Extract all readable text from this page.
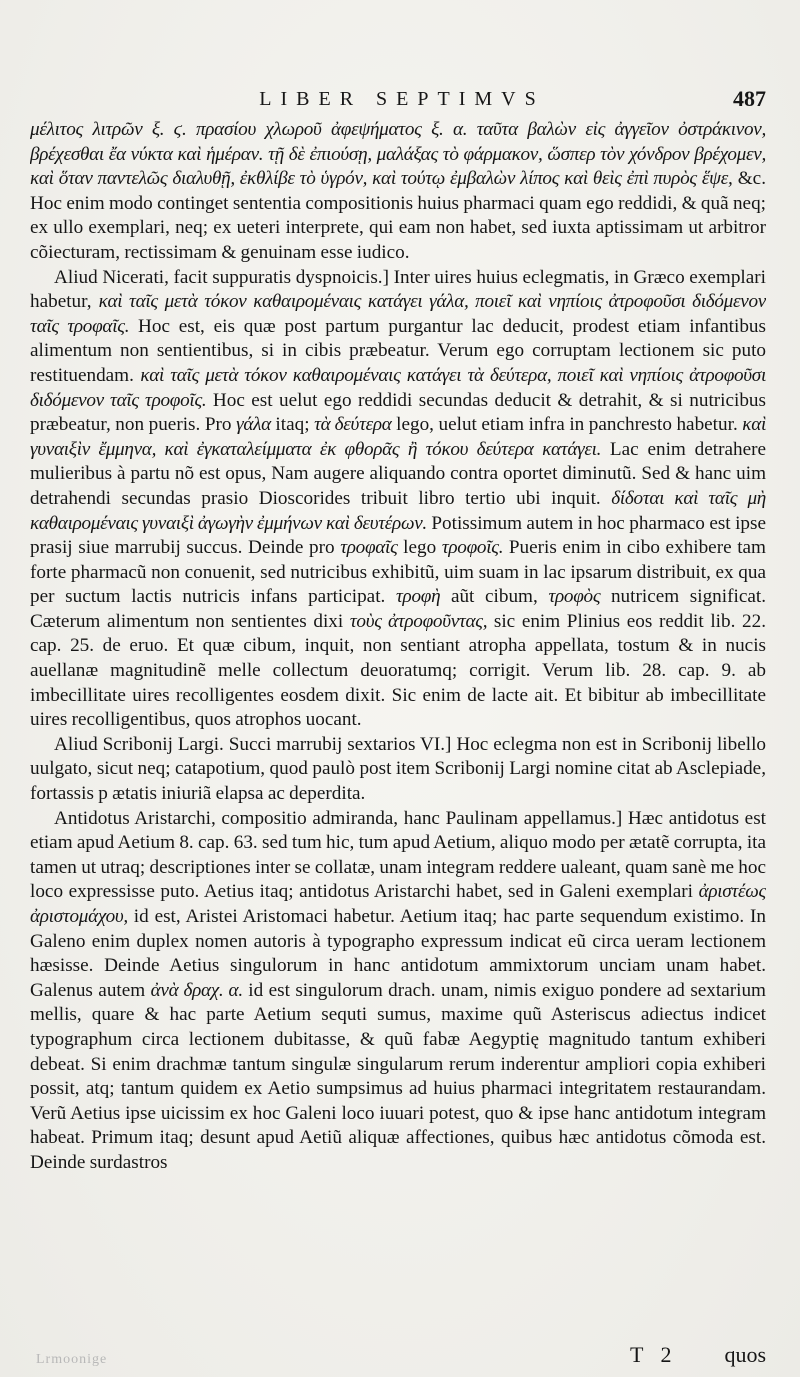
LIBER SEPTIMVS	487

μέλιτος λιτρῶν ξ. ϛ. πρασίου χλωροῦ ἀφεψήματος ξ. α. ταῦτα βαλὼν εἰς ἀγγεῖον ὀστράκινον, βρέχεσθαι ἔα νύκτα καὶ ἡμέραν. τῇ δὲ ἐπιούσῃ, μαλάξας τὸ φάρμακον, ὥσπερ τὸν χόνδρον βρέχομεν, καὶ ὅταν παντελῶς διαλυθῇ, ἐκθλίβε τὸ ὑγρόν, καὶ τούτῳ ἐμβαλὼν λίπος καὶ θεὶς ἐπὶ πυρὸς ἕψε, &c. Hoc enim modo continget sententia compositionis huius pharmaci quam ego reddidi, & quã neq; ex ullo exemplari, neq; ex ueteri interprete, qui eam non habet, sed iuxta aptissimam ut arbitror cõiecturam, rectissimam & genuinam esse iudico.

Aliud Nicerati, facit suppuratis dyspnoicis.] Inter uires huius eclegmatis, in Græco exemplari habetur, καὶ ταῖς μετὰ τόκον καθαιρομέναις κατάγει γάλα, ποιεῖ καὶ νηπίοις ἀτροφοῦσι διδόμενον ταῖς τροφαῖς. Hoc est, eis quæ post partum purgantur lac deducit, prodest etiam infantibus alimentum non sentientibus, si in cibis præbeatur. Verum ego corruptam lectionem sic puto restituendam. καὶ ταῖς μετὰ τόκον καθαιρομέναις κατάγει τὰ δεύτερα, ποιεῖ καὶ νηπίοις ἀτροφοῦσι διδόμενον ταῖς τροφοῖς. Hoc est uelut ego reddidi secundas deducit & detrahit, & si nutricibus præbeatur, non pueris. Pro γάλα itaq; τὰ δεύτερα lego, uelut etiam infra in panchresto habetur. καὶ γυναιξὶν ἔμμηνα, καὶ ἐγκαταλείμματα ἐκ φθορᾶς ἢ τόκου δεύτερα κατάγει. Lac enim detrahere mulieribus à partu nõ est opus, Nam augere aliquando contra oportet diminutũ. Sed & hanc uim detrahendi secundas prasio Dioscorides tribuit libro tertio ubi inquit. δίδοται καὶ ταῖς μὴ καθαιρομέναις γυναιξὶ ἀγωγὴν ἐμμήνων καὶ δευτέρων. Potissimum autem in hoc pharmaco est ipse prasij siue marrubij succus. Deinde pro τροφαῖς lego τροφοῖς. Pueris enim in cibo exhibere tam forte pharmacũ non conuenit, sed nutricibus exhibitũ, uim suam in lac ipsarum distribuit, ex qua per suctum lactis nutricis infans participat. τροφὴ aũt cibum, τροφὸς nutricem significat. Cæterum alimentum non sentientes dixi τοὺς ἀτροφοῦντας, sic enim Plinius eos reddit lib. 22. cap. 25. de eruo. Et quæ cibum, inquit, non sentiant atropha appellata, tostum & in nucis auellanæ magnitudinẽ melle collectum deuoratumq; corrigit. Verum lib. 28. cap. 9. ab imbecillitate uires recolligentes eosdem dixit. Sic enim de lacte ait. Et bibitur ab imbecillitate uires recolligentibus, quos atrophos uocant.

Aliud Scribonij Largi. Succi marrubij sextarios VI.] Hoc eclegma non est in Scribonij libello uulgato, sicut neq; catapotium, quod paulò post item Scribonij Largi nomine citat ab Asclepiade, fortassis p ætatis iniuriã elapsa ac deperdita.

Antidotus Aristarchi, compositio admiranda, hanc Paulinam appellamus.] Hæc antidotus est etiam apud Aetium 8. cap. 63. sed tum hic, tum apud Aetium, aliquo modo per ætatẽ corrupta, ita tamen ut utraq; descriptiones inter se collatæ, unam integram reddere ualeant, quam sanè me hoc loco expressisse puto. Aetius itaq; antidotus Aristarchi habet, sed in Galeni exemplari ἀριστέως ἀριστομάχου, id est, Aristei Aristomaci habetur. Aetium itaq; hac parte sequendum existimo. In Galeno enim duplex nomen autoris à typographo expressum indicat eũ circa ueram lectionem hæsisse. Deinde Aetius singulorum in hanc antidotum ammixtorum unciam unam habet. Galenus autem ἀνὰ δραχ. α. id est singulorum drach. unam, nimis exiguo pondere ad sextarium mellis, quare & hac parte Aetium sequti sumus, maxime quũ Asteriscus adiectus indicet typographum circa lectionem dubitasse, & quũ fabæ Aegyptię magnitudo tantum exhiberi debeat. Si enim drachmæ tantum singulæ singularum rerum inderentur ampliori copia exhiberi possit, atq; tantum quidem ex Aetio sumpsimus ad huius pharmaci integritatem restaurandam. Verũ Aetius ipse uicissim ex hoc Galeni loco iuuari potest, quo & ipse hanc antidotum integram habeat. Primum itaq; desunt apud Aetiũ aliquæ affectiones, quibus hæc antidotus cõmoda est. Deinde surdastros

Lrmoonige	T 2 quos
